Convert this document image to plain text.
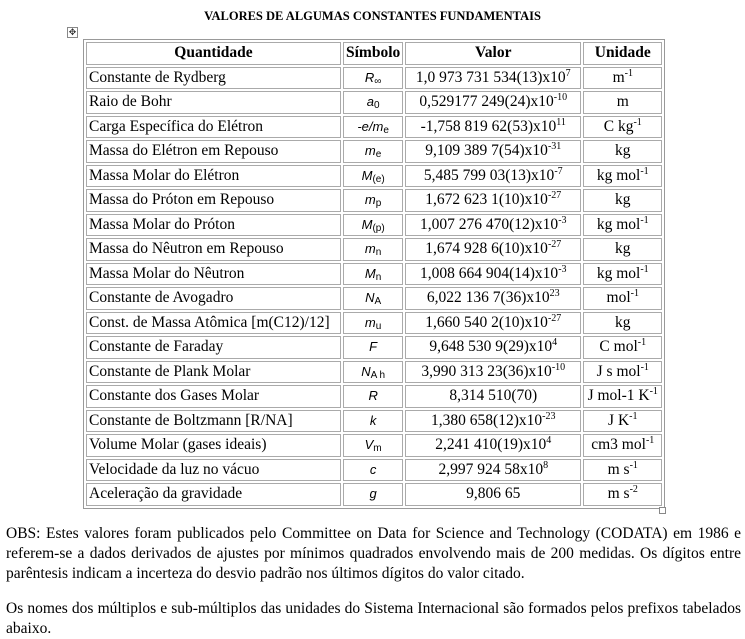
VALORES DE ALGUMAS CONSTANTES FUNDAMENTAIS
✥
Quantidade	Símbolo	Valor	Unidade
Constante de Rydberg	$R_\infty$	1,0 973 731 $534(13)x10^7$	$m^{-1}$
Raio de Bohr	$a_0$	0,529177 $249(24)x10^{-10}$	m
Carga Específica do Elétron	$-e/m_e$	-1,758 819 $62(53)x10^{11}$	C $kg^{-1}$
Massa do Elétron em Repouso	$m_e$	9,109 389 $7(54)x10^{-31}$	kg
Massa Molar do Elétron	$M_{(e)}$	5,485 799 $03(13)x10^{-7}$	kg mol$^{-1}$
Massa do Próton em Repouso	$m_p$	1,672 623 $1(10)x10^{-27}$	kg
Massa Molar do Próton	$M_{(p)}$	1,007 276 $470(12)x10^{-3}$	kg mol$^{-1}$
Massa do Nêutron em Repouso	$m_n$	1,674 928 $6(10)x10^{-27}$	kg
Massa Molar do Nêutron	$M_n$	1,008 664 $904(14)x10^{-3}$	kg mol$^{-1}$
Constante de Avogadro	$N_A$	6,022 136 $7(36)x10^{23}$	mol$^{-1}$
Const. de Massa Atômica [m(C12)/12]	$m_u$	1,660 540 $2(10)x10^{-27}$	kg
Constante de Faraday	F	9,648 530 $9(29)x10^4$	C mol$^{-1}$
Constante de Plank Molar	$N_{A h}$	3,990 313 $23(36)x10^{-10}$	J s mol$^{-1}$
Constante dos Gases Molar	R	8,314 510(70)	J mol-1 $K^{-1}$
Constante de Boltzmann [R/NA]	k	1,380 $658(12)x10^{-23}$	J $K^{-1}$
Volume Molar (gases ideais)	$V_m$	2,241 $410(19)x10^4$	cm3 mol$^{-1}$
Velocidade da luz no vácuo	c	2,997 924 $58x10^8$	m $s^{-1}$
Aceleração da gravidade	g	9,806 65	m $s^{-2}$
OBS: Estes valores foram publicados pelo Committee on Data for Science and Technology (CODATA) em 1986 e referem-se a dados derivados de ajustes por mínimos quadrados envolvendo mais de 200 medidas. Os dígitos entre parêntesis indicam a incerteza do desvio padrão nos últimos dígitos do valor citado.
Os nomes dos múltiplos e sub-múltiplos das unidades do Sistema Internacional são formados pelos prefixos tabelados abaixo.
